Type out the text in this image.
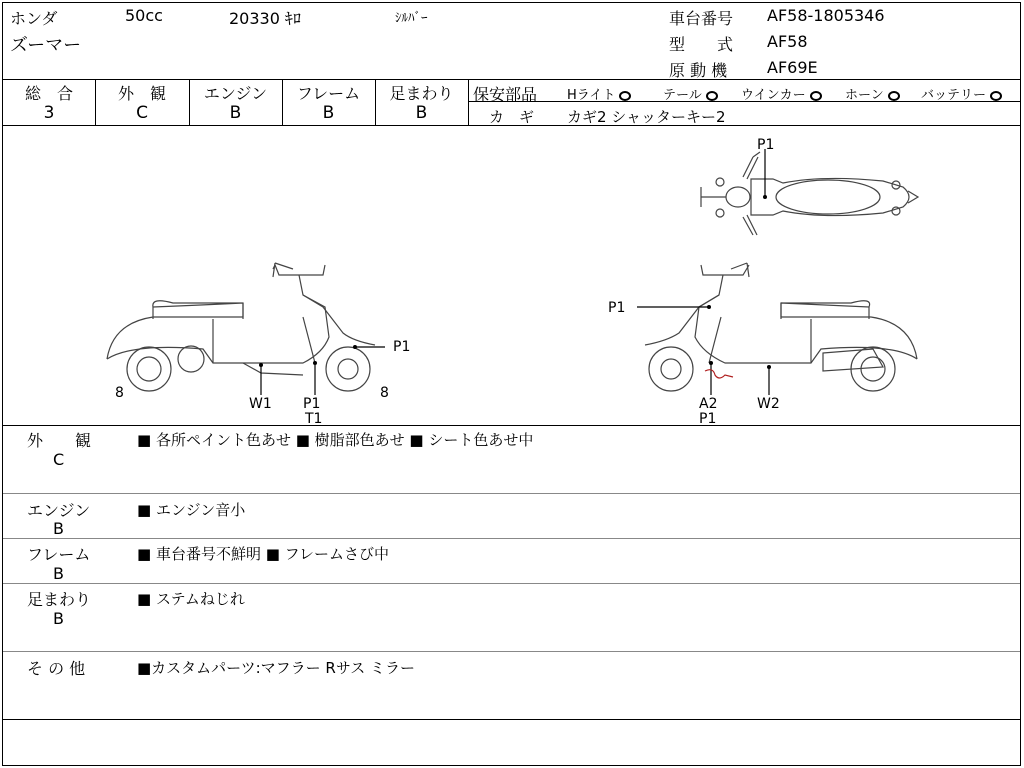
ホンダ	50cc	20330 ｷﾛ	ｼﾙﾊﾞｰ
ズーマー
車台番号 AF58-1805346
型　　式 AF58
原 動 機 AF69E
総　合
3
外　観
C
エンジン
B
フレーム
B
足まわり
B
保安部品 Hライト	テール	ウインカー	ホーン	バッテリー
カ　ギ カギ2 シャッターキー2
P1
P1
8	8
W1 P1
T1
P1
A2
P1
W2
外　　観
C
■ 各所ペイント色あせ ■ 樹脂部色あせ ■ シート色あせ中
エンジン
B
■ エンジン音小
フレーム
B
■ 車台番号不鮮明 ■ フレームさび中
足まわり
B
■ ステムねじれ
そ の 他	■カスタムパーツ:マフラー Rサス ミラー
